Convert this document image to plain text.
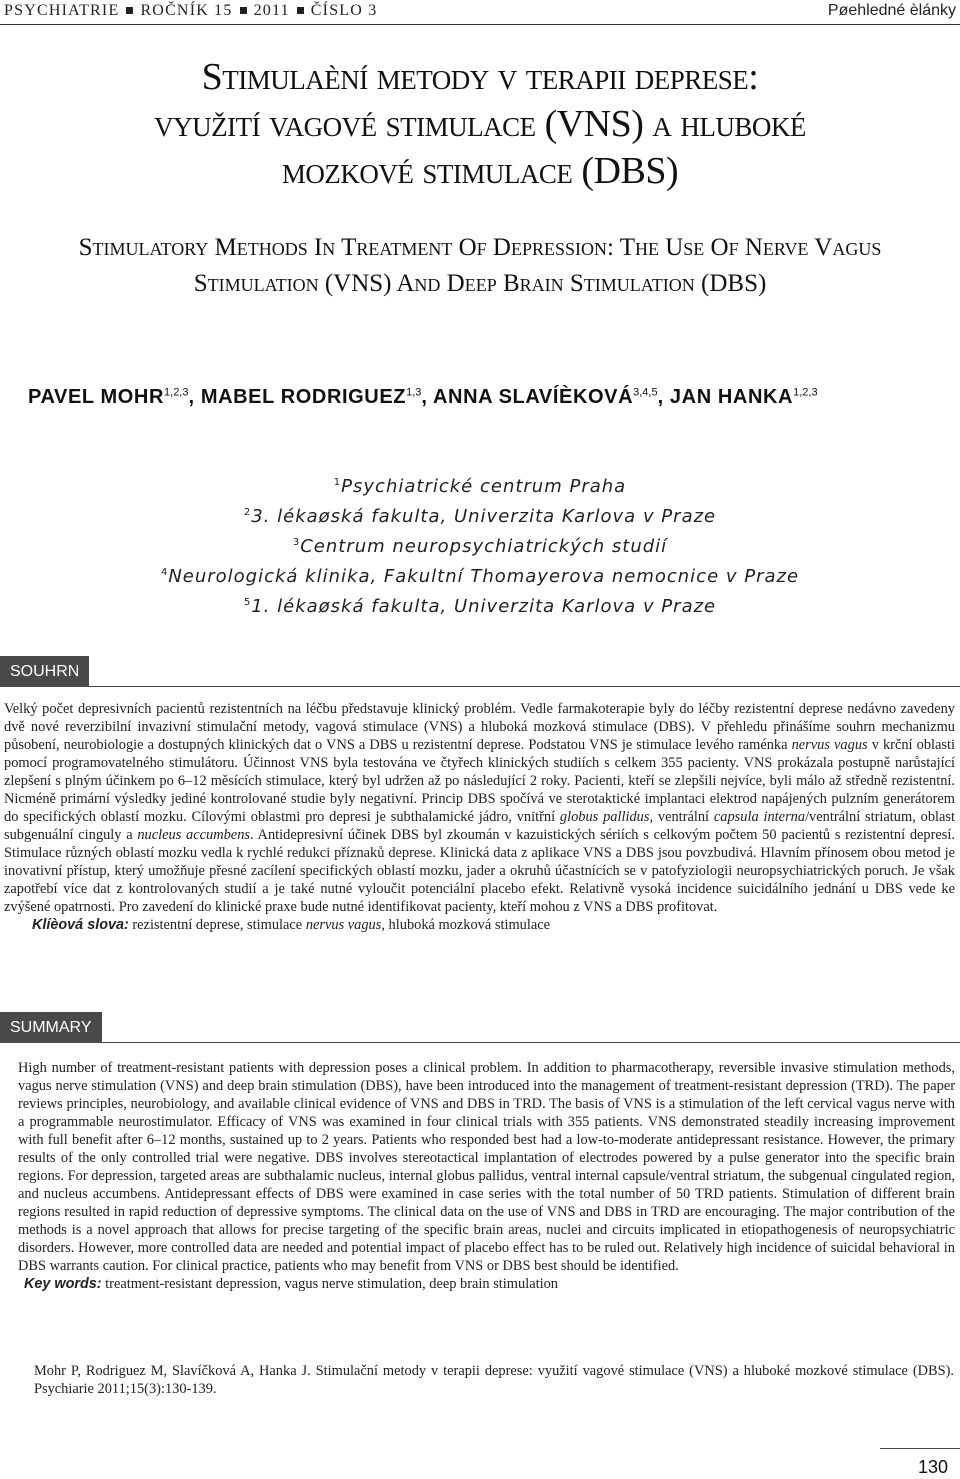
PSYCHIATRIE ROČNÍK 15 2011 ČÍSLO 3	Pøehledné èlánky
Stimulaèní metody v terapii deprese:
využití vagové stimulace (VNS) a hluboké
mozkové stimulace (DBS)
Stimulatory Methods In Treatment Of Depression: The Use Of Nerve Vagus
Stimulation (VNS) And Deep Brain Stimulation (DBS)
PAVEL MOHR$^{1,2,3}$, MABEL RODRIGUEZ$^{1,3}$, ANNA SLAVÍÈKOVÁ$^{3,4,5}$, JAN HANKA$^{1,2,3}$
$^1$Psychiatrické centrum Praha
$^2$3. lékaøská fakulta, Univerzita Karlova v Praze
$^3$Centrum neuropsychiatrických studií
$^4$Neurologická klinika, Fakultní Thomayerova nemocnice v Praze
$^5$1. lékaøská fakulta, Univerzita Karlova v Praze
SOUHRN
Velký počet depresivních pacientů rezistentních na léčbu představuje klinický problém. Vedle farmakoterapie byly do léčby rezistentní deprese nedávno zavedeny dvě nové reverzibilní invazivní stimulační metody, vagová stimulace (VNS) a hluboká mozková stimulace (DBS). V přehledu přinášíme souhrn mechanizmu působení, neurobiologie a dostupných klinických dat o VNS a DBS u rezistentní deprese. Podstatou VNS je stimulace levého raménka nervus vagus v krční oblasti pomocí programovatelného stimulátoru. Účinnost VNS byla testována ve čtyřech klinických studiích s celkem 355 pacienty. VNS prokázala postupně narůstající zlepšení s plným účinkem po 6–12 měsících stimulace, který byl udržen až po následující 2 roky. Pacienti, kteří se zlepšili nejvíce, byli málo až středně rezistentní. Nicméně primární výsledky jediné kontrolované studie byly negativní. Princip DBS spočívá ve sterotaktické implantaci elektrod napájených pulzním generátorem do specifických oblastí mozku. Cílovými oblastmi pro depresi je subthalamické jádro, vnitřní globus pallidus, ventrální capsula interna/ventrální striatum, oblast subgenuální cinguly a nucleus accumbens. Antidepresivní účinek DBS byl zkoumán v kazuistických sériích s celkovým počtem 50 pacientů s rezistentní depresí. Stimulace různých oblastí mozku vedla k rychlé redukci příznaků deprese. Klinická data z aplikace VNS a DBS jsou povzbudivá. Hlavním přínosem obou metod je inovativní přístup, který umožňuje přesné zacílení specifických oblastí mozku, jader a okruhů účastnících se v patofyziologii neuropsychiatrických poruch. Je však zapotřebí více dat z kontrolovaných studií a je také nutné vyloučit potenciální placebo efekt. Relativně vysoká incidence suicidálního jednání u DBS vede ke zvýšené opatrnosti. Pro zavedení do klinické praxe bude nutné identifikovat pacienty, kteří mohou z VNS a DBS profitovat.
Klíèová slova: rezistentní deprese, stimulace nervus vagus, hluboká mozková stimulace
SUMMARY
High number of treatment-resistant patients with depression poses a clinical problem. In addition to pharmacotherapy, reversible invasive stimulation methods, vagus nerve stimulation (VNS) and deep brain stimulation (DBS), have been introduced into the management of treatment-resistant depression (TRD). The paper reviews principles, neurobiology, and available clinical evidence of VNS and DBS in TRD. The basis of VNS is a stimulation of the left cervical vagus nerve with a programmable neurostimulator. Efficacy of VNS was examined in four clinical trials with 355 patients. VNS demonstrated steadily increasing improvement with full benefit after 6–12 months, sustained up to 2 years. Patients who responded best had a low-to-moderate antidepressant resistance. However, the primary results of the only controlled trial were negative. DBS involves stereotactical implantation of electrodes powered by a pulse generator into the specific brain regions. For depression, targeted areas are subthalamic nucleus, internal globus pallidus, ventral internal capsule/ventral striatum, the subgenual cingulated region, and nucleus accumbens. Antidepressant effects of DBS were examined in case series with the total number of 50 TRD patients. Stimulation of different brain regions resulted in rapid reduction of depressive symptoms. The clinical data on the use of VNS and DBS in TRD are encouraging. The major contribution of the methods is a novel approach that allows for precise targeting of the specific brain areas, nuclei and circuits implicated in etiopathogenesis of neuropsychiatric disorders. However, more controlled data are needed and potential impact of placebo effect has to be ruled out. Relatively high incidence of suicidal behavioral in DBS warrants caution. For clinical practice, patients who may benefit from VNS or DBS best should be identified.
Key words: treatment-resistant depression, vagus nerve stimulation, deep brain stimulation
Mohr P, Rodriguez M, Slavíčková A, Hanka J. Stimulační metody v terapii deprese: využití vagové stimulace (VNS) a hluboké mozkové stimulace (DBS). Psychiarie 2011;15(3):130-139.
130
